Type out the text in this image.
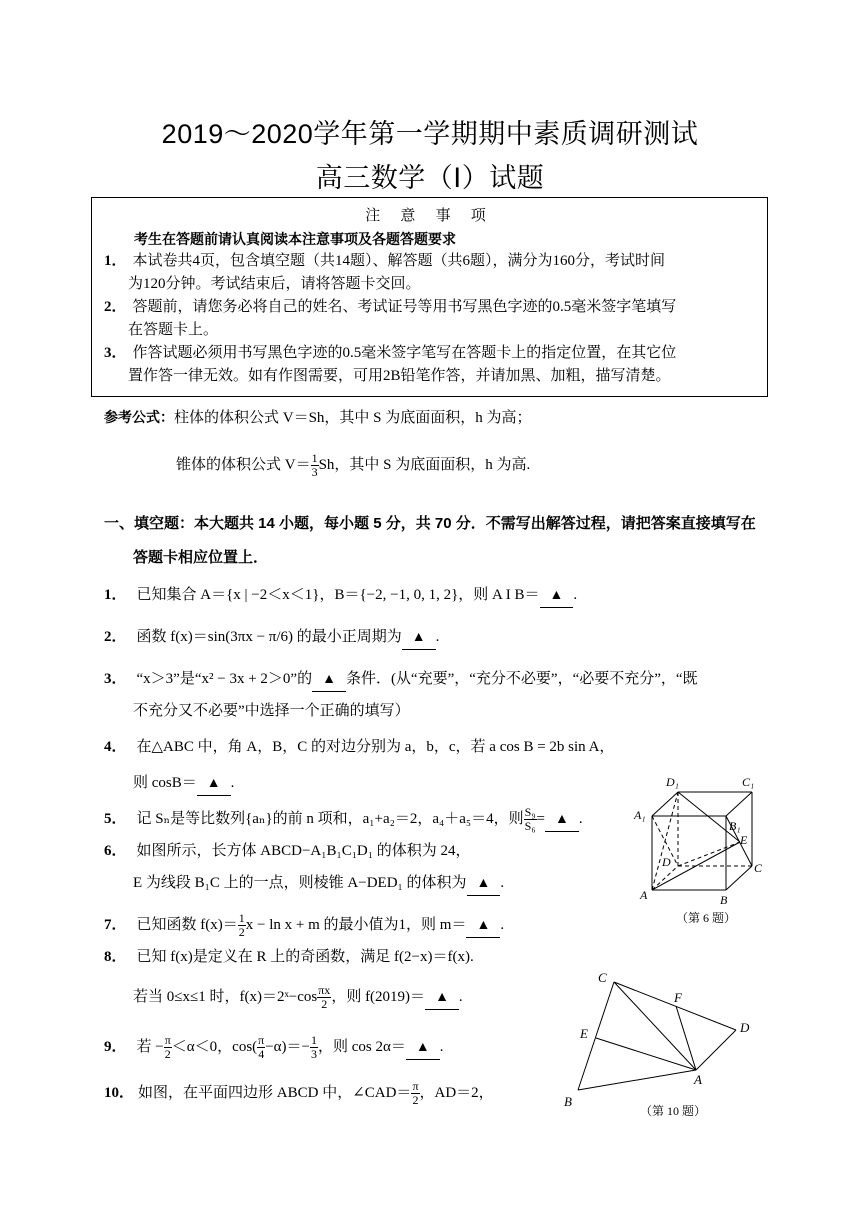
2019～2020学年第一学期期中素质调研测试
高三数学（Ⅰ）试题
注 意 事 项
考生在答题前请认真阅读本注意事项及各题答题要求
1． 本试卷共4页，包含填空题（共14题）、解答题（共6题），满分为160分，考试时间
为120分钟。考试结束后，请将答题卡交回。
2． 答题前，请您务必将自己的姓名、考试证号等用书写黑色字迹的0.5毫米签字笔填写
在答题卡上。
3． 作答试题必须用书写黑色字迹的0.5毫米签字笔写在答题卡上的指定位置，在其它位
置作答一律无效。如有作图需要，可用2B铅笔作答，并请加黑、加粗，描写清楚。
参考公式：柱体的体积公式 V＝Sh，其中 S 为底面面积，h 为高；
锥体的体积公式 $V= \frac{1}{3}$ Sh，其中 S 为底面面积，h 为高.
一、填空题：本大题共 14 小题，每小题 5 分，共 70 分．不需写出解答过程，请把答案直接填写在
答题卡相应位置上．
1． 已知集合 A＝{x | −2＜x＜1}，B＝{−2, −1, 0, 1, 2}，则 A Ι B＝ ▲ .
2． 函数 f(x)＝sin(3πx − π/6) 的最小正周期为 ▲ .
3． “x＞3”是“x² − 3x + 2＞0”的 ▲ 条件．(从“充要”，“充分不必要”，“必要不充分”，“既
不充分又不必要”中选择一个正确的填写）
4． 在△ABC 中，角 A，B，C 的对边分别为 a，b，c，若 a cos B = 2b sin A，
则 cosB＝ ▲ .
5． 记 Sₙ是等比数列{aₙ}的前 n 项和，a₁+a₂＝2，a₄＋a₅＝4，则 $\frac{\text{S₉}}{\text{S₆}}$ = ▲ .
6． 如图所示，长方体 ABCD−A₁B₁C₁D₁ 的体积为 24，
E 为线段 B₁C 上的一点，则棱锥 A−DED₁ 的体积为 ▲ .
7． 已知函数 $f(x)= \frac{1}{2}$ x − ln x + m 的最小值为1，则 m＝ ▲ .
8． 已知 f(x)是定义在 R 上的奇函数，满足 f(2−x)＝f(x).
若当 0≤x≤1 时，f(x)＝2ˣ−cos $\frac{\pi x}{2}$ ，则 f(2019)＝ ▲ .
9． 若 − $\frac{\pi}{2} <\alpha<0$，$\cos( \frac{\pi}{4} -\alpha)=- \frac{1}{3}$ ，则 cos 2α＝ ▲ .
10． 如图，在平面四边形 ABCD 中，∠CAD＝ $\frac{\pi}{2}$ ，AD＝2，
D₁	C₁
A₁
B₁
E
D	C
A	B
（第 6 题）
C
F
D
E
A
B
（第 10 题）
